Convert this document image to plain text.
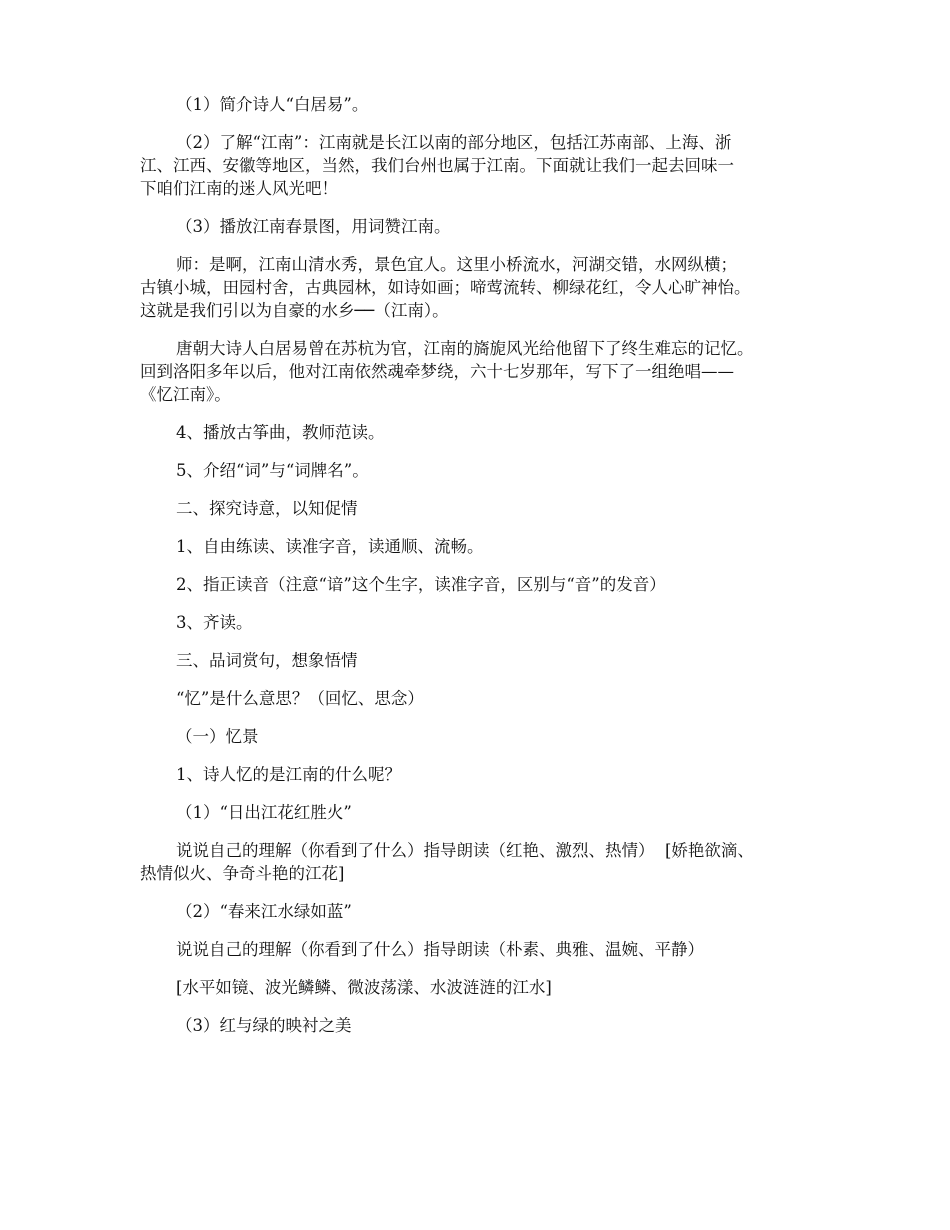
（1）简介诗人“白居易”。
（2）了解“江南”：江南就是长江以南的部分地区，包括江苏南部、上海、浙
江、江西、安徽等地区，当然，我们台州也属于江南。下面就让我们一起去回味一
下咱们江南的迷人风光吧！
（3）播放江南春景图，用词赞江南。
师：是啊，江南山清水秀，景色宜人。这里小桥流水，河湖交错，水网纵横；
古镇小城，田园村舍，古典园林，如诗如画；啼莺流转、柳绿花红，令人心旷神怡。
这就是我们引以为自豪的水乡──（江南）。
唐朝大诗人白居易曾在苏杭为官，江南的旖旎风光给他留下了终生难忘的记忆。
回到洛阳多年以后，他对江南依然魂牵梦绕，六十七岁那年，写下了一组绝唱——
《忆江南》。
4、播放古筝曲，教师范读。
5、介绍“词”与“词牌名”。
二、探究诗意，以知促情
1、自由练读、读准字音，读通顺、流畅。
2、指正读音（注意“谙”这个生字，读准字音，区别与“音”的发音）
3、齐读。
三、品词赏句，想象悟情
“忆”是什么意思？（回忆、思念）
（一）忆景
1、诗人忆的是江南的什么呢？
（1）“日出江花红胜火”
说说自己的理解（你看到了什么）指导朗读（红艳、激烈、热情）  [娇艳欲滴、
热情似火、争奇斗艳的江花]
（2）“春来江水绿如蓝”
说说自己的理解（你看到了什么）指导朗读（朴素、典雅、温婉、平静）
[水平如镜、波光鳞鳞、微波荡漾、水波涟涟的江水]
（3）红与绿的映衬之美
